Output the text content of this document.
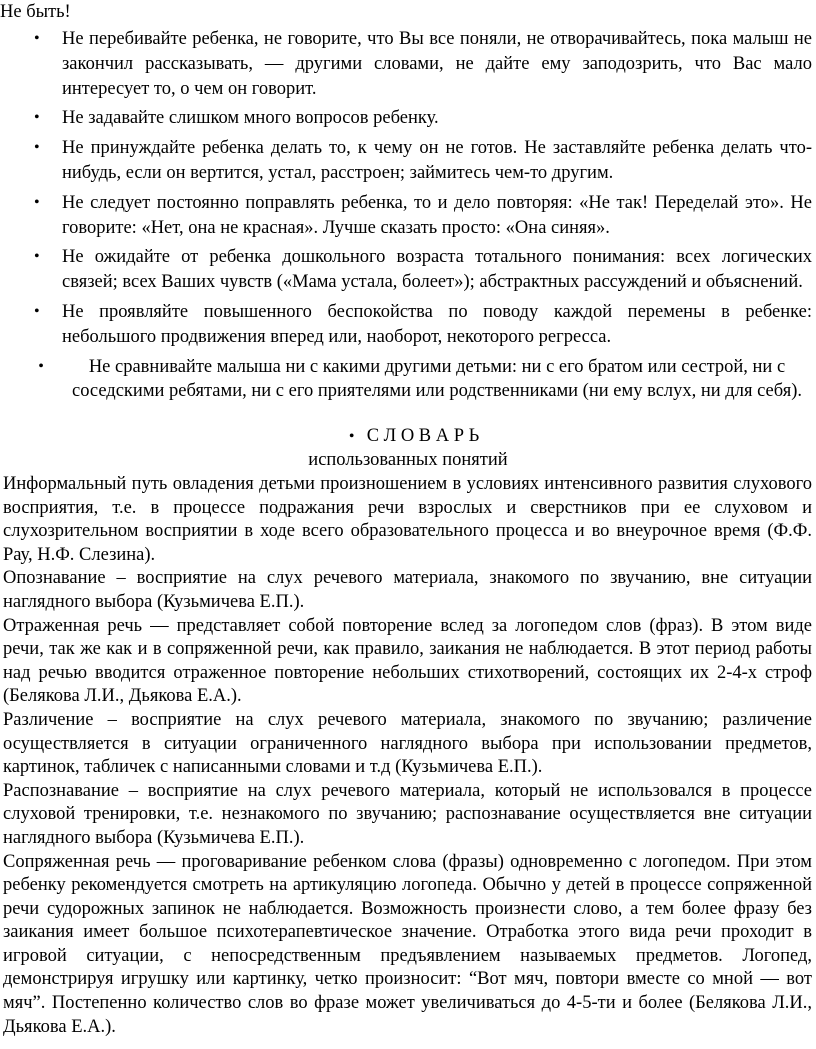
Не быть!
•	Не перебивайте ребенка, не говорите, что Вы все поняли, не отворачивайтесь, пока малыш не закончил рассказывать, — другими словами, не дайте ему заподозрить, что Вас мало интересует то, о чем он говорит.
•	Не задавайте слишком много вопросов ребенку.
•	Не принуждайте ребенка делать то, к чему он не готов. Не заставляйте ребенка делать что-нибудь, если он вертится, устал, расстроен; займитесь чем-то другим.
•	Не следует постоянно поправлять ребенка, то и дело повторяя: «Не так! Переделай это». Не говорите: «Нет, она не красная». Лучше сказать просто: «Она синяя».
•	Не ожидайте от ребенка дошкольного возраста тотального понимания: всех логических связей; всех Ваших чувств («Мама устала, болеет»); абстрактных рассуждений и объяснений.
•	Не проявляйте повышенного беспокойства по поводу каждой перемены в ребенке: небольшого продвижения вперед или, наоборот, некоторого регресса.
• Не сравнивайте малыша ни с какими другими детьми: ни с его братом или сестрой, ни с соседскими ребятами, ни с его приятелями или родственниками (ни ему вслух, ни для себя).
• С Л О В А Р Ь
использованных понятий

Информальный путь овладения детьми произношением в условиях интенсивного развития слухового восприятия, т.е. в процессе подражания речи взрослых и сверстников при ее слуховом и слухозрительном восприятии в ходе всего образовательного процесса и во внеурочное время (Ф.Ф. Рау, Н.Ф. Слезина).

Опознавание – восприятие на слух речевого материала, знакомого по звучанию, вне ситуации наглядного выбора (Кузьмичева Е.П.).

Отраженная речь — представляет собой повторение вслед за логопедом слов (фраз). В этом виде речи, так же как и в сопряженной речи, как правило, заикания не наблюдается. В этот период работы над речью вводится отраженное повторение небольших стихотворений, состоящих их 2-4-х строф (Белякова Л.И., Дьякова Е.А.).

Различение – восприятие на слух речевого материала, знакомого по звучанию; различение осуществляется в ситуации ограниченного наглядного выбора при использовании предметов, картинок, табличек с написанными словами и т.д (Кузьмичева Е.П.).

Распознавание – восприятие на слух речевого материала, который не использовался в процессе слуховой тренировки, т.е. незнакомого по звучанию; распознавание осуществляется вне ситуации наглядного выбора (Кузьмичева Е.П.).

Сопряженная речь — проговаривание ребенком слова (фразы) одновременно с логопедом. При этом ребенку рекомендуется смотреть на артикуляцию логопеда. Обычно у детей в процессе сопряженной речи судорожных запинок не наблюдается. Возможность произнести слово, а тем более фразу без заикания имеет большое психотерапевтическое значение. Отработка этого вида речи проходит в игровой ситуации, с непосредственным предъявлением называемых предметов. Логопед, демонстрируя игрушку или картинку, четко произносит: “Вот мяч, повтори вместе со мной — вот мяч”. Постепенно количество слов во фразе может увеличиваться до 4-5-ти и более (Белякова Л.И., Дьякова Е.А.).
